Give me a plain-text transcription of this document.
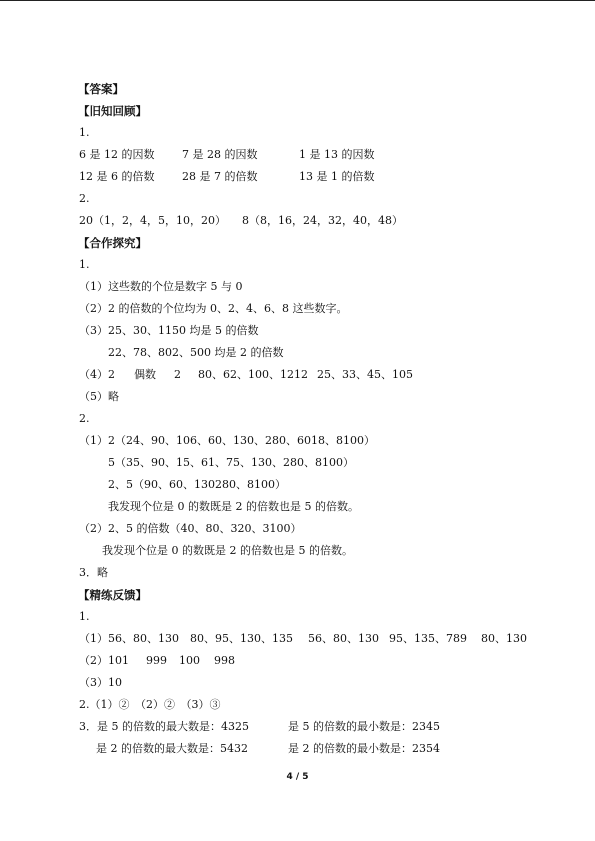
【答案】
【旧知回顾】
1.
6 是 12 的因数	7 是 28 的因数	1 是 13 的因数
12 是 6 的倍数	28 是 7 的倍数	13 是 1 的倍数
2.
20（1，2，4，5，10，20） 8（8，16，24，32，40，48）
【合作探究】
1.
（1）这些数的个位是数字 5 与 0
（2）2 的倍数的个位均为 0、2、4、6、8 这些数字。
（3）25、30、1150 均是 5 的倍数
22、78、802、500 均是 2 的倍数
（4）2 偶数 2 80、62、100、1212 25、33、45、105
（5）略
2.
（1）2（24、90、106、60、130、280、6018、8100）
5（35、90、15、61、75、130、280、8100）
2、5（90、60、130280、8100）
我发现个位是 0 的数既是 2 的倍数也是 5 的倍数。
（2）2、5 的倍数（40、80、320、3100）
我发现个位是 0 的数既是 2 的倍数也是 5 的倍数。
3．略
【精练反馈】
1.
（1）56、80、130 80、95、130、135 56、80、130 95、135、789 80、130
（2）101 999 100 998
（3）10
2.（1）②　（2）②　（3）③
3．是 5 的倍数的最大数是：4325	是 5 的倍数的最小数是：2345
是 2 的倍数的最大数是：5432	是 2 的倍数的最小数是：2354
4 / 5
